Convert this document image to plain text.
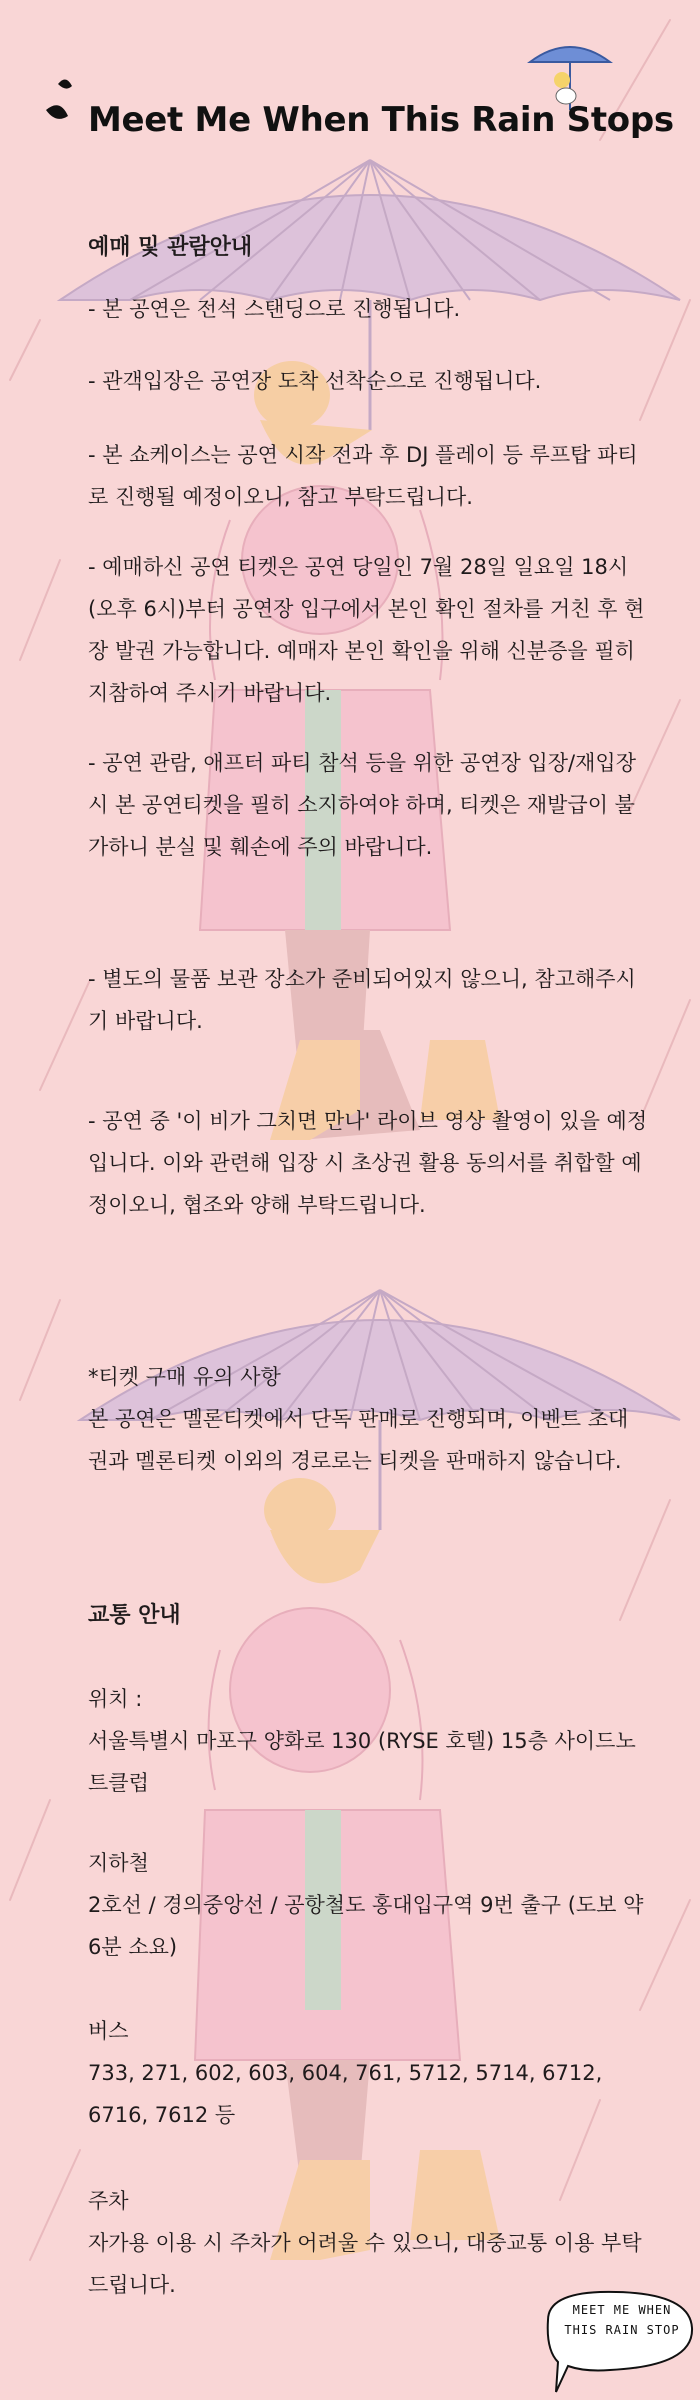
Meet Me When This Rain Stops
예매 및 관람안내
- 본 공연은 전석 스탠딩으로 진행됩니다.
- 관객입장은 공연장 도착 선착순으로 진행됩니다.
- 본 쇼케이스는 공연 시작 전과 후 DJ 플레이 등 루프탑 파티로 진행될 예정이오니, 참고 부탁드립니다.
- 예매하신 공연 티켓은 공연 당일인 7월 28일 일요일 18시 (오후 6시)부터 공연장 입구에서 본인 확인 절차를 거친 후 현장 발권 가능합니다. 예매자 본인 확인을 위해 신분증을 필히 지참하여 주시기 바랍니다.
- 공연 관람, 애프터 파티 참석 등을 위한 공연장 입장/재입장 시 본 공연티켓을 필히 소지하여야 하며, 티켓은 재발급이 불가하니 분실 및 훼손에 주의 바랍니다.
- 별도의 물품 보관 장소가 준비되어있지 않으니, 참고해주시기 바랍니다.
- 공연 중 '이 비가 그치면 만나' 라이브 영상 촬영이 있을 예정입니다. 이와 관련해 입장 시 초상권 활용 동의서를 취합할 예정이오니, 협조와 양해 부탁드립니다.
*티켓 구매 유의 사항
본 공연은 멜론티켓에서 단독 판매로 진행되며, 이벤트 초대권과 멜론티켓 이외의 경로로는 티켓을 판매하지 않습니다.
교통 안내
위치 :
서울특별시 마포구 양화로 130 (RYSE 호텔) 15층 사이드노트클럽
지하철
2호선 / 경의중앙선 / 공항철도 홍대입구역 9번 출구 (도보 약 6분 소요)
버스
733, 271, 602, 603, 604, 761, 5712, 5714, 6712, 6716, 7612 등
주차
자가용 이용 시 주차가 어려울 수 있으니, 대중교통 이용 부탁드립니다.
MEET ME WHEN
THIS RAIN STOP
